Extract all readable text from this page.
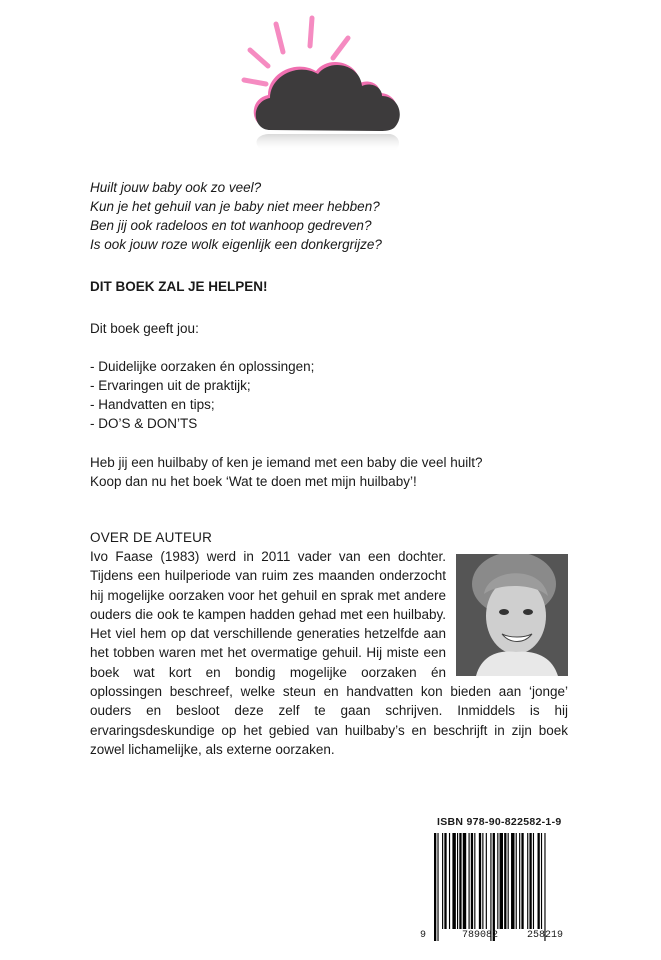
Huilt jouw baby ook zo veel?
Kun je het gehuil van je baby niet meer hebben?
Ben jij ook radeloos en tot wanhoop gedreven?
Is ook jouw roze wolk eigenlijk een donkergrijze?
DIT BOEK ZAL JE HELPEN!
Dit boek geeft jou:
- Duidelijke oorzaken én oplossingen;
- Ervaringen uit de praktijk;
- Handvatten en tips;
- DO’S & DON’TS
Heb jij een huilbaby of ken je iemand met een baby die veel huilt?
Koop dan nu het boek ‘Wat te doen met mijn huilbaby’!
OVER DE AUTEUR

Ivo Faase (1983) werd in 2011 vader van een dochter. Tijdens een huilperiode van ruim zes maanden onderzocht hij mogelijke oorzaken voor het gehuil en sprak met andere ouders die ook te kampen hadden gehad met een huilbaby. Het viel hem op dat verschillende generaties hetzelfde aan het tobben waren met het overmatige gehuil. Hij miste een boek wat kort en bondig mogelijke oorzaken én oplossingen beschreef, welke steun en handvatten kon bieden aan ‘jonge’ ouders en besloot deze zelf te gaan schrijven. Inmiddels is hij ervaringsdeskundige op het gebied van huilbaby’s en beschrijft in zijn boek zowel lichamelijke, als externe oorzaken.

ISBN 978-90-822582-1-9
9	789082	258219
